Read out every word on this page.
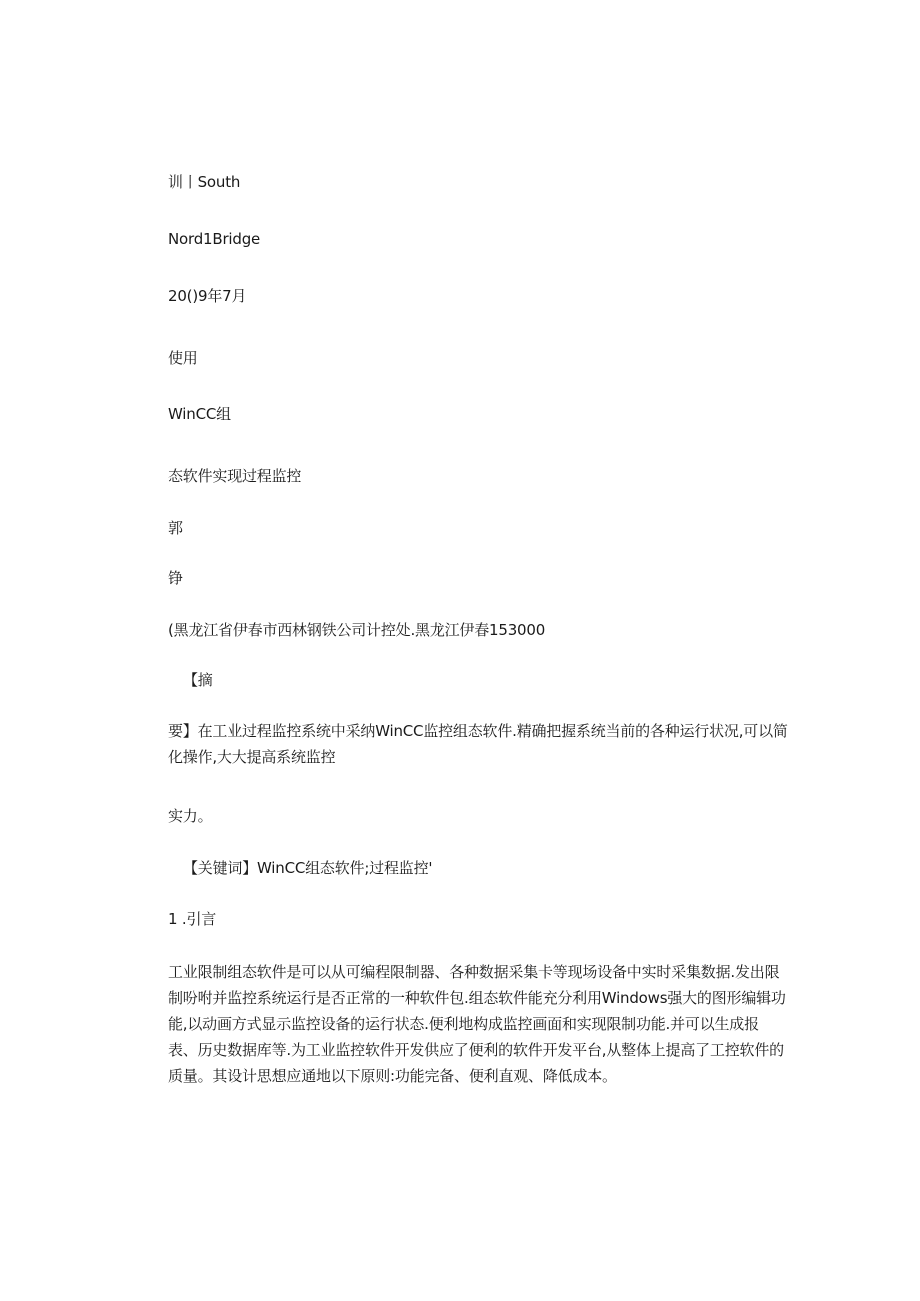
训丨South
Nord1Bridge
20()9年7月
使用
WinCC组
态软件实现过程监控
郭
铮
(黑龙江省伊春市西林钢铁公司计控处.黑龙江伊春153000
【摘
要】在工业过程监控系统中采纳WinCC监控组态软件.精确把握系统当前的各种运行状况,可以简化操作,大大提高系统监控
实力。
【关键词】WinCC组态软件;过程监控'
1 .引言
工业限制组态软件是可以从可编程限制器、各种数据采集卡等现场设备中实时采集数据.发出限制吩咐并监控系统运行是否正常的一种软件包.组态软件能充分利用Windows强大的图形编辑功能,以动画方式显示监控设备的运行状态.便利地构成监控画面和实现限制功能.并可以生成报表、历史数据库等.为工业监控软件开发供应了便利的软件开发平台,从整体上提高了工控软件的质量。其设计思想应通地以下原则:功能完备、便利直观、降低成本。
